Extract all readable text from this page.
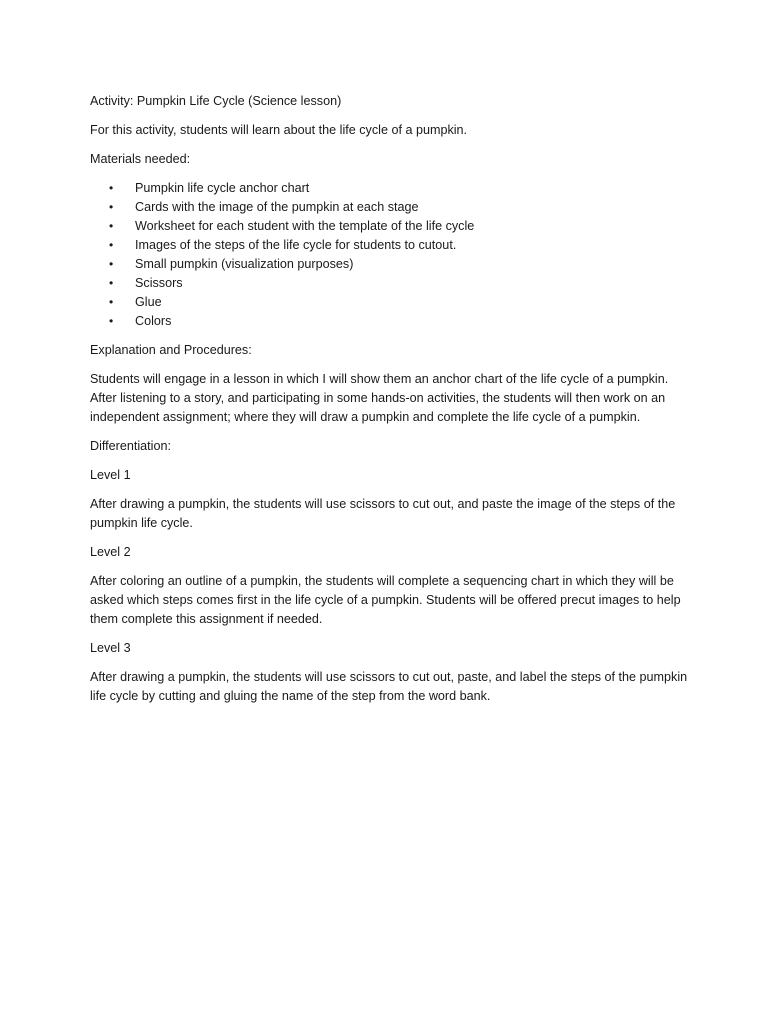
Activity: Pumpkin Life Cycle (Science lesson)

For this activity, students will learn about the life cycle of a pumpkin.

Materials needed:

• Pumpkin life cycle anchor chart
• Cards with the image of the pumpkin at each stage
• Worksheet for each student with the template of the life cycle
• Images of the steps of the life cycle for students to cutout.
• Small pumpkin (visualization purposes)
• Scissors
• Glue
• Colors

Explanation and Procedures:

Students will engage in a lesson in which I will show them an anchor chart of the life cycle of a pumpkin. After listening to a story, and participating in some hands-on activities, the students will then work on an independent assignment; where they will draw a pumpkin and complete the life cycle of a pumpkin.

Differentiation:

Level 1

After drawing a pumpkin, the students will use scissors to cut out, and paste the image of the steps of the pumpkin life cycle.

Level 2

After coloring an outline of a pumpkin, the students will complete a sequencing chart in which they will be asked which steps comes first in the life cycle of a pumpkin. Students will be offered precut images to help them complete this assignment if needed.

Level 3

After drawing a pumpkin, the students will use scissors to cut out, paste, and label the steps of the pumpkin life cycle by cutting and gluing the name of the step from the word bank.
